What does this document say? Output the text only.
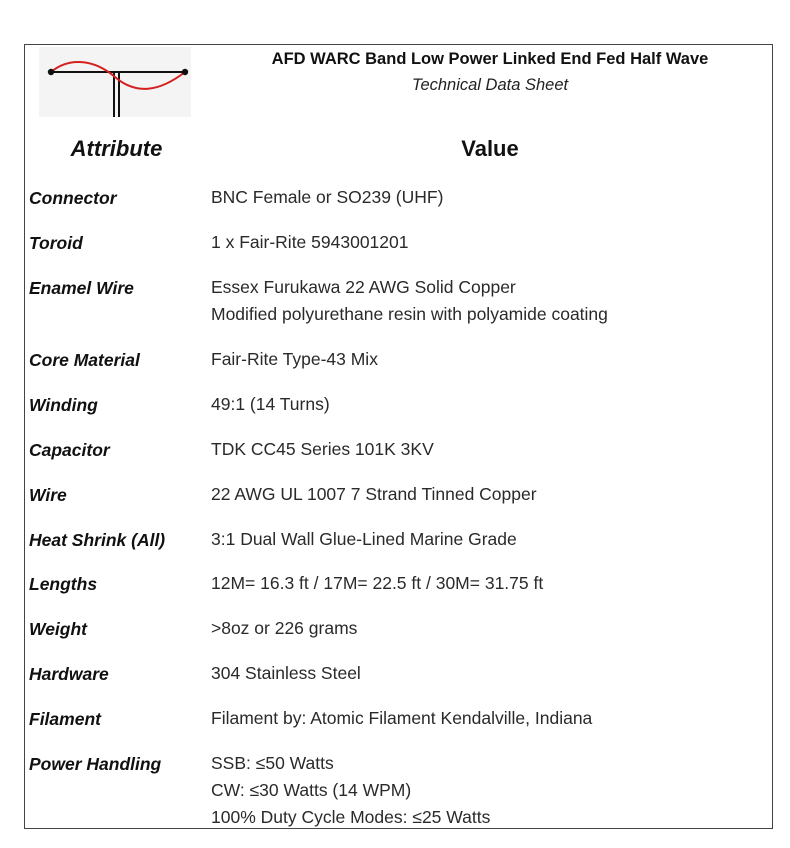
AFD WARC Band Low Power Linked End Fed Half Wave
Technical Data Sheet
Attribute	Value
Connector	BNC Female or SO239 (UHF)
Toroid	1 x Fair-Rite 5943001201
Enamel Wire	Essex Furukawa 22 AWG Solid Copper
Modified polyurethane resin with polyamide coating
Core Material	Fair-Rite Type-43 Mix
Winding	49:1 (14 Turns)
Capacitor	TDK CC45 Series 101K 3KV
Wire	22 AWG UL 1007 7 Strand Tinned Copper
Heat Shrink (All)	3:1 Dual Wall Glue-Lined Marine Grade
Lengths	12M= 16.3 ft / 17M= 22.5 ft / 30M= 31.75 ft
Weight	>8oz or 226 grams
Hardware	304 Stainless Steel
Filament	Filament by: Atomic Filament Kendalville, Indiana
Power Handling	SSB: ≤50 Watts
CW: ≤30 Watts (14 WPM)
100% Duty Cycle Modes: ≤25 Watts
